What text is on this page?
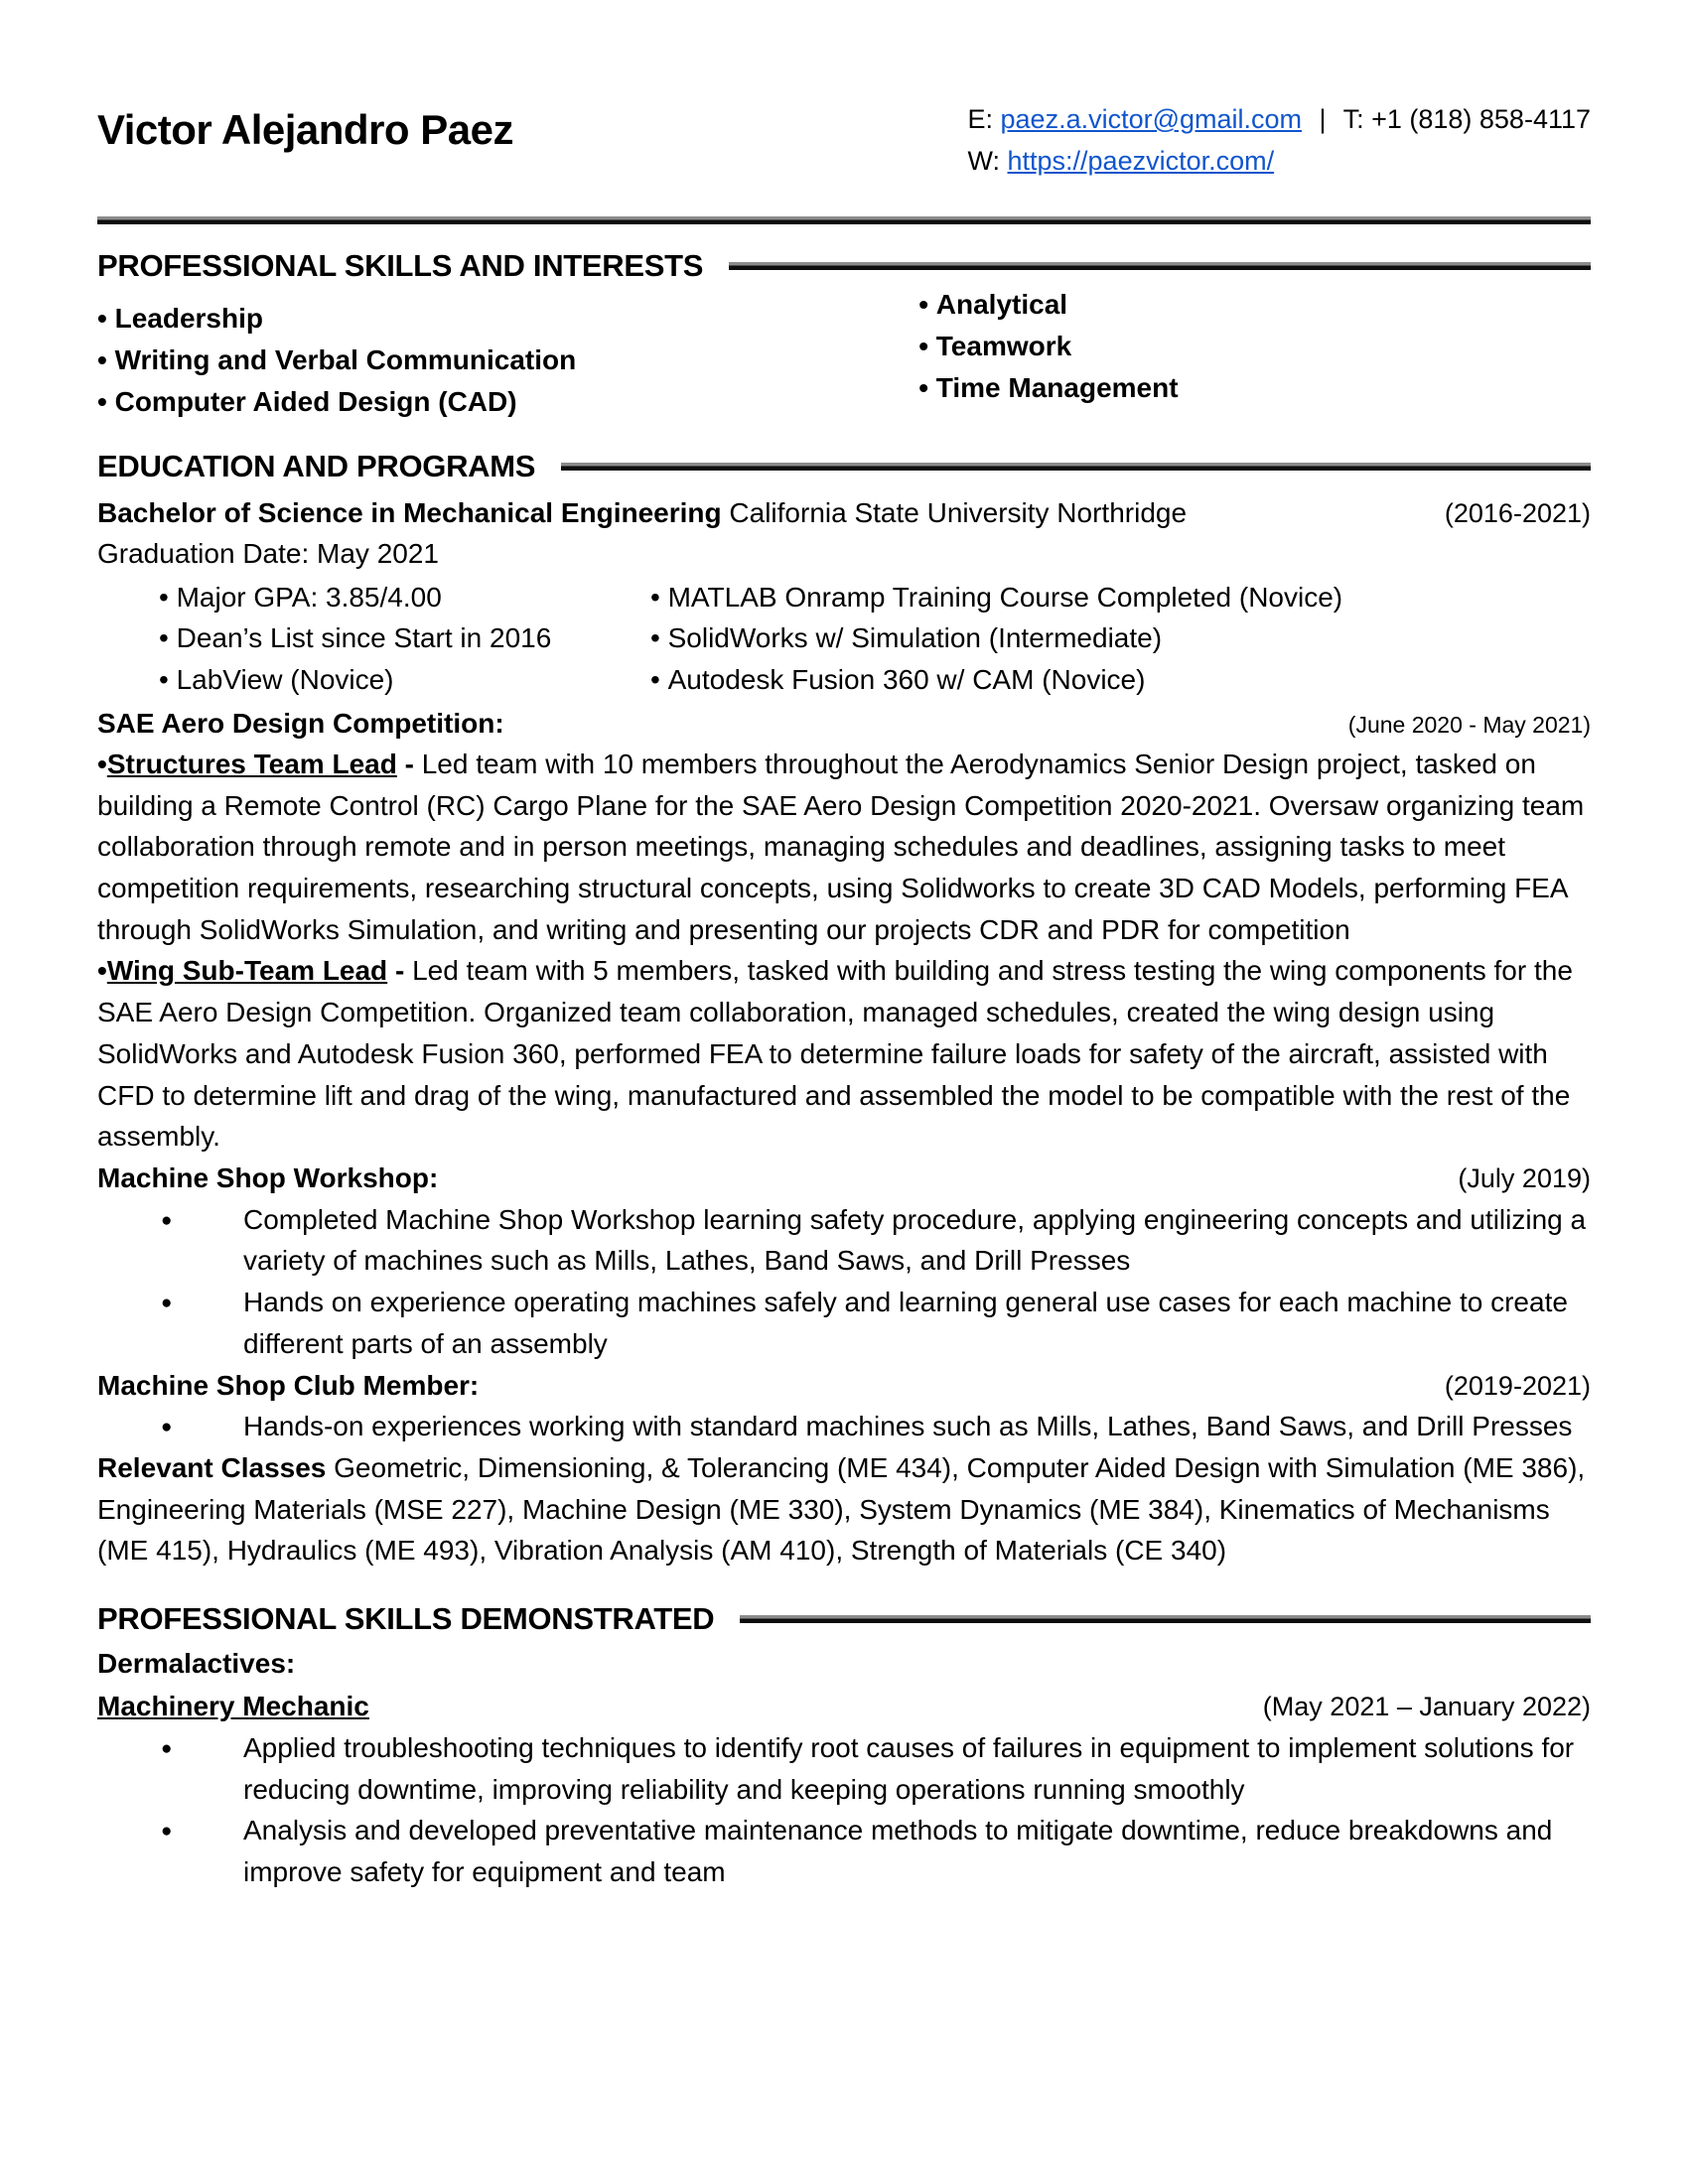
Victor Alejandro Paez	E: paez.a.victor@gmail.com | T: +1 (818) 858-4117
W: https://paezvictor.com/
PROFESSIONAL SKILLS AND INTERESTS
• Leadership
• Writing and Verbal Communication
• Computer Aided Design (CAD)
• Analytical
• Teamwork
• Time Management
EDUCATION AND PROGRAMS
Bachelor of Science in Mechanical Engineering California State University Northridge	(2016-2021)
Graduation Date: May 2021
• Major GPA: 3.85/4.00
• Dean’s List since Start in 2016
• LabView (Novice)
• MATLAB Onramp Training Course Completed (Novice)
• SolidWorks w/ Simulation (Intermediate)
• Autodesk Fusion 360 w/ CAM (Novice)
SAE Aero Design Competition:	(June 2020 - May 2021)

• Structures Team Lead - Led team with 10 members throughout the Aerodynamics Senior Design project, tasked on building a Remote Control (RC) Cargo Plane for the SAE Aero Design Competition 2020-2021. Oversaw organizing team collaboration through remote and in person meetings, managing schedules and deadlines, assigning tasks to meet competition requirements, researching structural concepts, using Solidworks to create 3D CAD Models, performing FEA through SolidWorks Simulation, and writing and presenting our projects CDR and PDR for competition

• Wing Sub-Team Lead - Led team with 5 members, tasked with building and stress testing the wing components for the SAE Aero Design Competition. Organized team collaboration, managed schedules, created the wing design using SolidWorks and Autodesk Fusion 360, performed FEA to determine failure loads for safety of the aircraft, assisted with CFD to determine lift and drag of the wing, manufactured and assembled the model to be compatible with the rest of the assembly.

Machine Shop Workshop:	(July 2019)
● Completed Machine Shop Workshop learning safety procedure, applying engineering concepts and utilizing a variety of machines such as Mills, Lathes, Band Saws, and Drill Presses
● Hands on experience operating machines safely and learning general use cases for each machine to create different parts of an assembly
Machine Shop Club Member:	(2019-2021)
● Hands-on experiences working with standard machines such as Mills, Lathes, Band Saws, and Drill Presses

Relevant Classes Geometric, Dimensioning, & Tolerancing (ME 434), Computer Aided Design with Simulation (ME 386), Engineering Materials (MSE 227), Machine Design (ME 330), System Dynamics (ME 384), Kinematics of Mechanisms (ME 415), Hydraulics (ME 493), Vibration Analysis (AM 410), Strength of Materials (CE 340)

PROFESSIONAL SKILLS DEMONSTRATED
Dermalactives:
Machinery Mechanic	(May 2021 – January 2022)
● Applied troubleshooting techniques to identify root causes of failures in equipment to implement solutions for reducing downtime, improving reliability and keeping operations running smoothly
● Analysis and developed preventative maintenance methods to mitigate downtime, reduce breakdowns and improve safety for equipment and team
